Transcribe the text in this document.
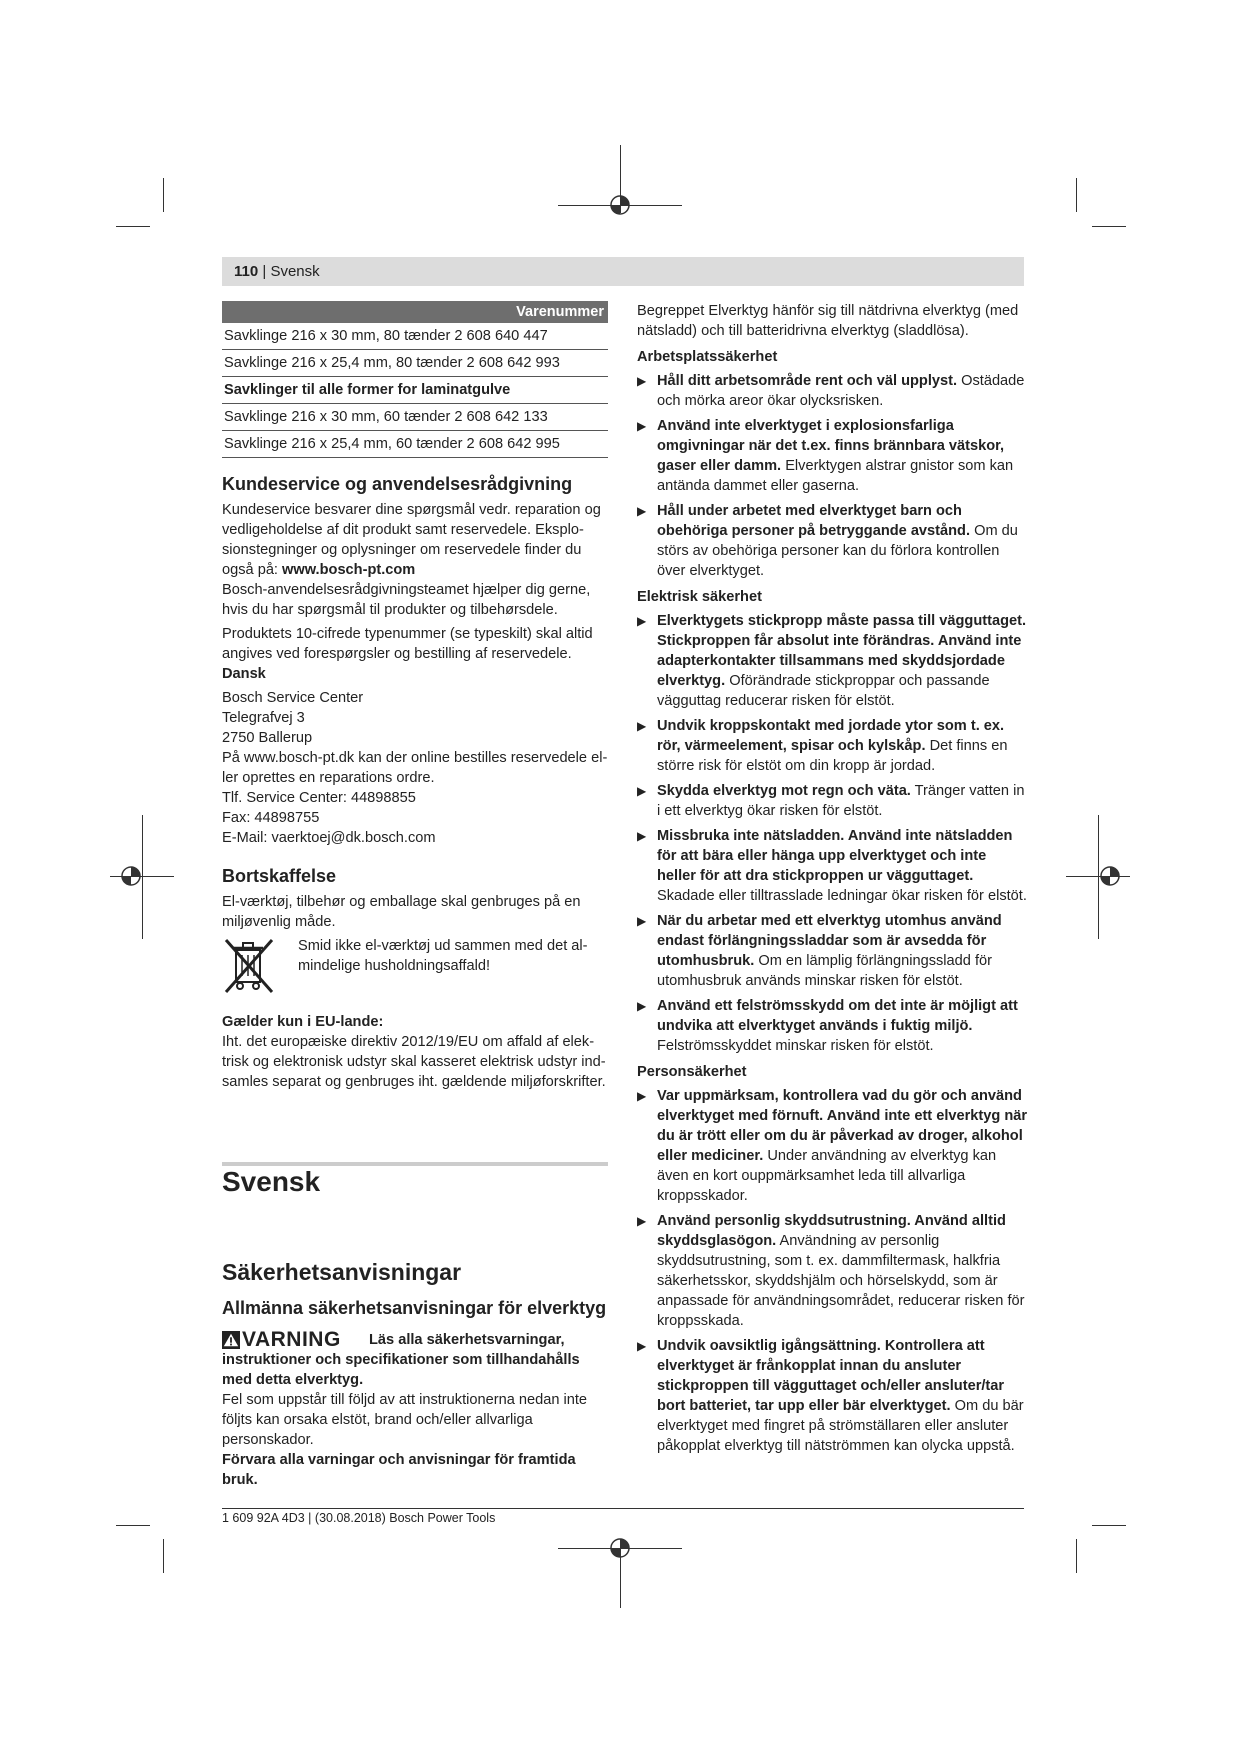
110 | Svensk
Varenummer
Savklinge 216 x 30 mm, 80 tænder 2 608 640 447
Savklinge 216 x 25,4 mm, 80 tænder 2 608 642 993
Savklinger til alle former for laminatgulve
Savklinge 216 x 30 mm, 60 tænder 2 608 642 133
Savklinge 216 x 25,4 mm, 60 tænder 2 608 642 995
Kundeservice og anvendelsesrådgivning

Kundeservice besvarer dine spørgsmål vedr. reparation og vedligeholdelse af dit produkt samt reservedele. Eksplosionstegninger og oplysninger om reservedele finder du også på: www.bosch-pt.com

Bosch-anvendelsesrådgivningsteamet hjælper dig gerne, hvis du har spørgsmål til produkter og tilbehørsdele.

Produktets 10-cifrede typenummer (se typeskilt) skal altid angives ved forespørgsler og bestilling af reservedele.

Dansk

Bosch Service Center
Telegrafvej 3
2750 Ballerup
På www.bosch-pt.dk kan der online bestilles reservedele eller oprettes en reparations ordre.
Tlf. Service Center: 44898855
Fax: 44898755
E-Mail: vaerktoej@dk.bosch.com
Bortskaffelse

El-værktøj, tilbehør og emballage skal genbruges på en miljøvenlig måde.

Smid ikke el-værktøj ud sammen med det almindelige husholdningsaffald!

Gælder kun i EU-lande:

Iht. det europæiske direktiv 2012/19/EU om affald af elektrisk og elektronisk udstyr skal kasseret elektrisk udstyr indsamles separat og genbruges iht. gældende miljøforskrifter.

Svensk
Säkerhetsanvisningar
Allmänna säkerhetsanvisningar för elverktyg
VARNING	Läs alla säkerhetsvarningar, instruktioner och specifikationer som tillhandahålls med detta elverktyg.

Fel som uppstår till följd av att instruktionerna nedan inte följts kan orsaka elstöt, brand och/eller allvarliga personskador.

Förvara alla varningar och anvisningar för framtida bruk.

Begreppet Elverktyg hänför sig till nätdrivna elverktyg (med nätsladd) och till batteridrivna elverktyg (sladdlösa).

Arbetsplatssäkerhet

▶ Håll ditt arbetsområde rent och väl upplyst. Ostädade och mörka areor ökar olycksrisken.
▶ Använd inte elverktyget i explosionsfarliga omgivningar när det t.ex. finns brännbara vätskor, gaser eller damm. Elverktygen alstrar gnistor som kan antända dammet eller gaserna.
▶ Håll under arbetet med elverktyget barn och obehöriga personer på betryggande avstånd. Om du störs av obehöriga personer kan du förlora kontrollen över elverktyget.

Elektrisk säkerhet

▶ Elverktygets stickpropp måste passa till vägguttaget. Stickproppen får absolut inte förändras. Använd inte adapterkontakter tillsammans med skyddsjordade elverktyg. Oförändrade stickproppar och passande vägguttag reducerar risken för elstöt.
▶ Undvik kroppskontakt med jordade ytor som t. ex. rör, värmeelement, spisar och kylskåp. Det finns en större risk för elstöt om din kropp är jordad.
▶ Skydda elverktyg mot regn och väta. Tränger vatten in i ett elverktyg ökar risken för elstöt.
▶ Missbruka inte nätsladden. Använd inte nätsladden för att bära eller hänga upp elverktyget och inte heller för att dra stickproppen ur vägguttaget. Skadade eller tilltrasslade ledningar ökar risken för elstöt.
▶ När du arbetar med ett elverktyg utomhus använd endast förlängningssladdar som är avsedda för utomhusbruk. Om en lämplig förlängningssladd för utomhusbruk används minskar risken för elstöt.
▶ Använd ett felströmsskydd om det inte är möjligt att undvika att elverktyget används i fuktig miljö. Felströmsskyddet minskar risken för elstöt.

Personsäkerhet

▶ Var uppmärksam, kontrollera vad du gör och använd elverktyget med förnuft. Använd inte ett elverktyg när du är trött eller om du är påverkad av droger, alkohol eller mediciner. Under användning av elverktyg kan även en kort ouppmärksamhet leda till allvarliga kroppsskador.
▶ Använd personlig skyddsutrustning. Använd alltid skyddsglasögon. Användning av personlig skyddsutrustning, som t. ex. dammfiltermask, halkfria säkerhetsskor, skyddshjälm och hörselskydd, som är anpassade för användningsområdet, reducerar risken för kroppsskada.
▶ Undvik oavsiktlig igångsättning. Kontrollera att elverktyget är frånkopplat innan du ansluter stickproppen till vägguttaget och/eller ansluter/tar bort batteriet, tar upp eller bär elverktyget. Om du bär elverktyget med fingret på strömställaren eller ansluter påkopplat elverktyg till nätströmmen kan olycka uppstå.
1 609 92A 4D3 | (30.08.2018) Bosch Power Tools
